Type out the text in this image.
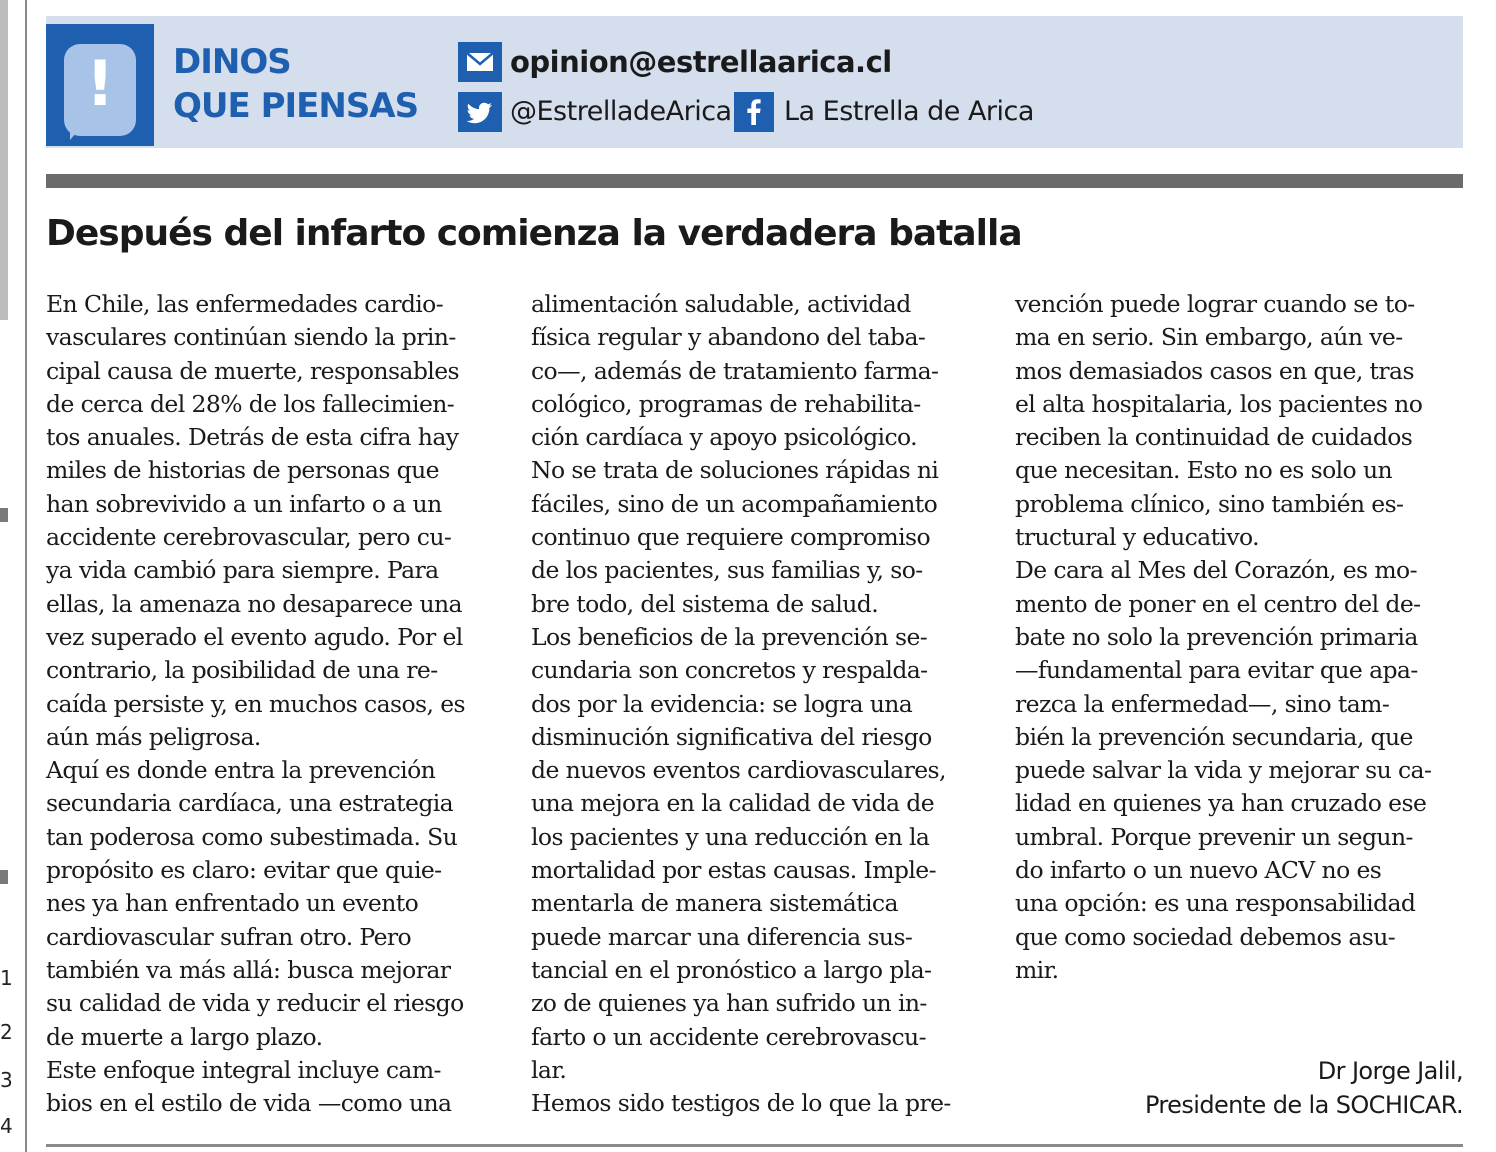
1
2
3
4
! DINOS
QUE PIENSAS
opinion@estrellaarica.cl
@EstrelladeArica La Estrella de Arica
Después del infarto comienza la verdadera batalla
En Chile, las enfermedades cardio-
vasculares continúan siendo la prin-
cipal causa de muerte, responsables
de cerca del 28% de los fallecimien-
tos anuales. Detrás de esta cifra hay
miles de historias de personas que
han sobrevivido a un infarto o a un
accidente cerebrovascular, pero cu-
ya vida cambió para siempre. Para
ellas, la amenaza no desaparece una
vez superado el evento agudo. Por el
contrario, la posibilidad de una re-
caída persiste y, en muchos casos, es
aún más peligrosa.
Aquí es donde entra la prevención
secundaria cardíaca, una estrategia
tan poderosa como subestimada. Su
propósito es claro: evitar que quie-
nes ya han enfrentado un evento
cardiovascular sufran otro. Pero
también va más allá: busca mejorar
su calidad de vida y reducir el riesgo
de muerte a largo plazo.
Este enfoque integral incluye cam-
bios en el estilo de vida —como una
alimentación saludable, actividad
física regular y abandono del taba-
co—, además de tratamiento farma-
cológico, programas de rehabilita-
ción cardíaca y apoyo psicológico.
No se trata de soluciones rápidas ni
fáciles, sino de un acompañamiento
continuo que requiere compromiso
de los pacientes, sus familias y, so-
bre todo, del sistema de salud.
Los beneficios de la prevención se-
cundaria son concretos y respalda-
dos por la evidencia: se logra una
disminución significativa del riesgo
de nuevos eventos cardiovasculares,
una mejora en la calidad de vida de
los pacientes y una reducción en la
mortalidad por estas causas. Imple-
mentarla de manera sistemática
puede marcar una diferencia sus-
tancial en el pronóstico a largo pla-
zo de quienes ya han sufrido un in-
farto o un accidente cerebrovascu-
lar.
Hemos sido testigos de lo que la pre-
vención puede lograr cuando se to-
ma en serio. Sin embargo, aún ve-
mos demasiados casos en que, tras
el alta hospitalaria, los pacientes no
reciben la continuidad de cuidados
que necesitan. Esto no es solo un
problema clínico, sino también es-
tructural y educativo.
De cara al Mes del Corazón, es mo-
mento de poner en el centro del de-
bate no solo la prevención primaria
—fundamental para evitar que apa-
rezca la enfermedad—, sino tam-
bién la prevención secundaria, que
puede salvar la vida y mejorar su ca-
lidad en quienes ya han cruzado ese
umbral. Porque prevenir un segun-
do infarto o un nuevo ACV no es
una opción: es una responsabilidad
que como sociedad debemos asu-
mir.
Dr Jorge Jalil,
Presidente de la SOCHICAR.
